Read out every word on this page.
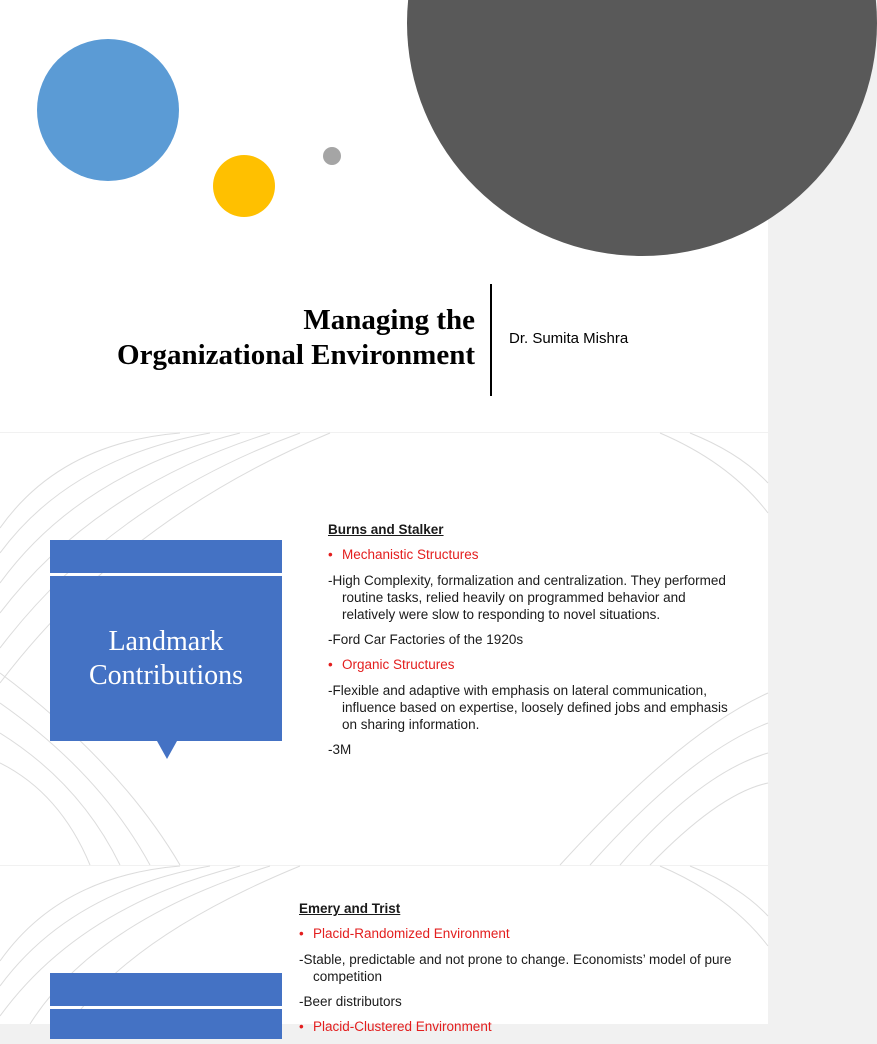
Managing the
Organizational Environment
Dr. Sumita Mishra
Landmark
Contributions

Burns and Stalker

• Mechanistic Structures

-High Complexity, formalization and centralization. They performed routine tasks, relied heavily on programmed behavior and relatively were slow to responding to novel situations.

-Ford Car Factories of the 1920s

• Organic Structures

-Flexible and adaptive with emphasis on lateral communication, influence based on expertise, loosely defined jobs and emphasis on sharing information.

-3M

Emery and Trist

• Placid-Randomized Environment

-Stable, predictable and not prone to change. Economists’ model of pure competition

-Beer distributors

• Placid-Clustered Environment
